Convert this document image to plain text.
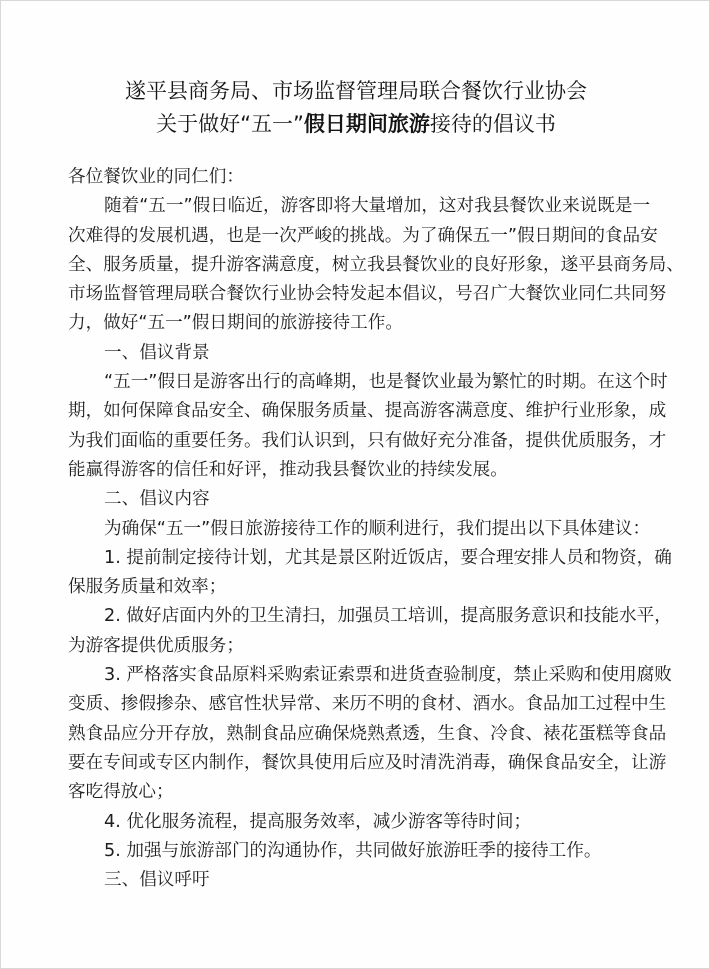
遂平县商务局、市场监督管理局联合餐饮行业协会
关于做好“五一”假日期间旅游接待的倡议书
各位餐饮业的同仁们：
随着“五一”假日临近，游客即将大量增加，这对我县餐饮业来说既是一
次难得的发展机遇，也是一次严峻的挑战。为了确保五一”假日期间的食品安
全、服务质量，提升游客满意度，树立我县餐饮业的良好形象，遂平县商务局、
市场监督管理局联合餐饮行业协会特发起本倡议，号召广大餐饮业同仁共同努
力，做好“五一”假日期间的旅游接待工作。
一、倡议背景
“五一”假日是游客出行的高峰期，也是餐饮业最为繁忙的时期。在这个时
期，如何保障食品安全、确保服务质量、提高游客满意度、维护行业形象，成
为我们面临的重要任务。我们认识到，只有做好充分准备，提供优质服务，才
能赢得游客的信任和好评，推动我县餐饮业的持续发展。
二、倡议内容
为确保“五一”假日旅游接待工作的顺利进行，我们提出以下具体建议：
1. 提前制定接待计划，尤其是景区附近饭店，要合理安排人员和物资，确
保服务质量和效率；
2. 做好店面内外的卫生清扫，加强员工培训，提高服务意识和技能水平，
为游客提供优质服务；
3. 严格落实食品原料采购索证索票和进货查验制度，禁止采购和使用腐败
变质、掺假掺杂、感官性状异常、来历不明的食材、酒水。食品加工过程中生
熟食品应分开存放，熟制食品应确保烧熟煮透，生食、冷食、裱花蛋糕等食品
要在专间或专区内制作，餐饮具使用后应及时清洗消毒，确保食品安全，让游
客吃得放心；
4. 优化服务流程，提高服务效率，减少游客等待时间；
5. 加强与旅游部门的沟通协作，共同做好旅游旺季的接待工作。
三、倡议呼吁
